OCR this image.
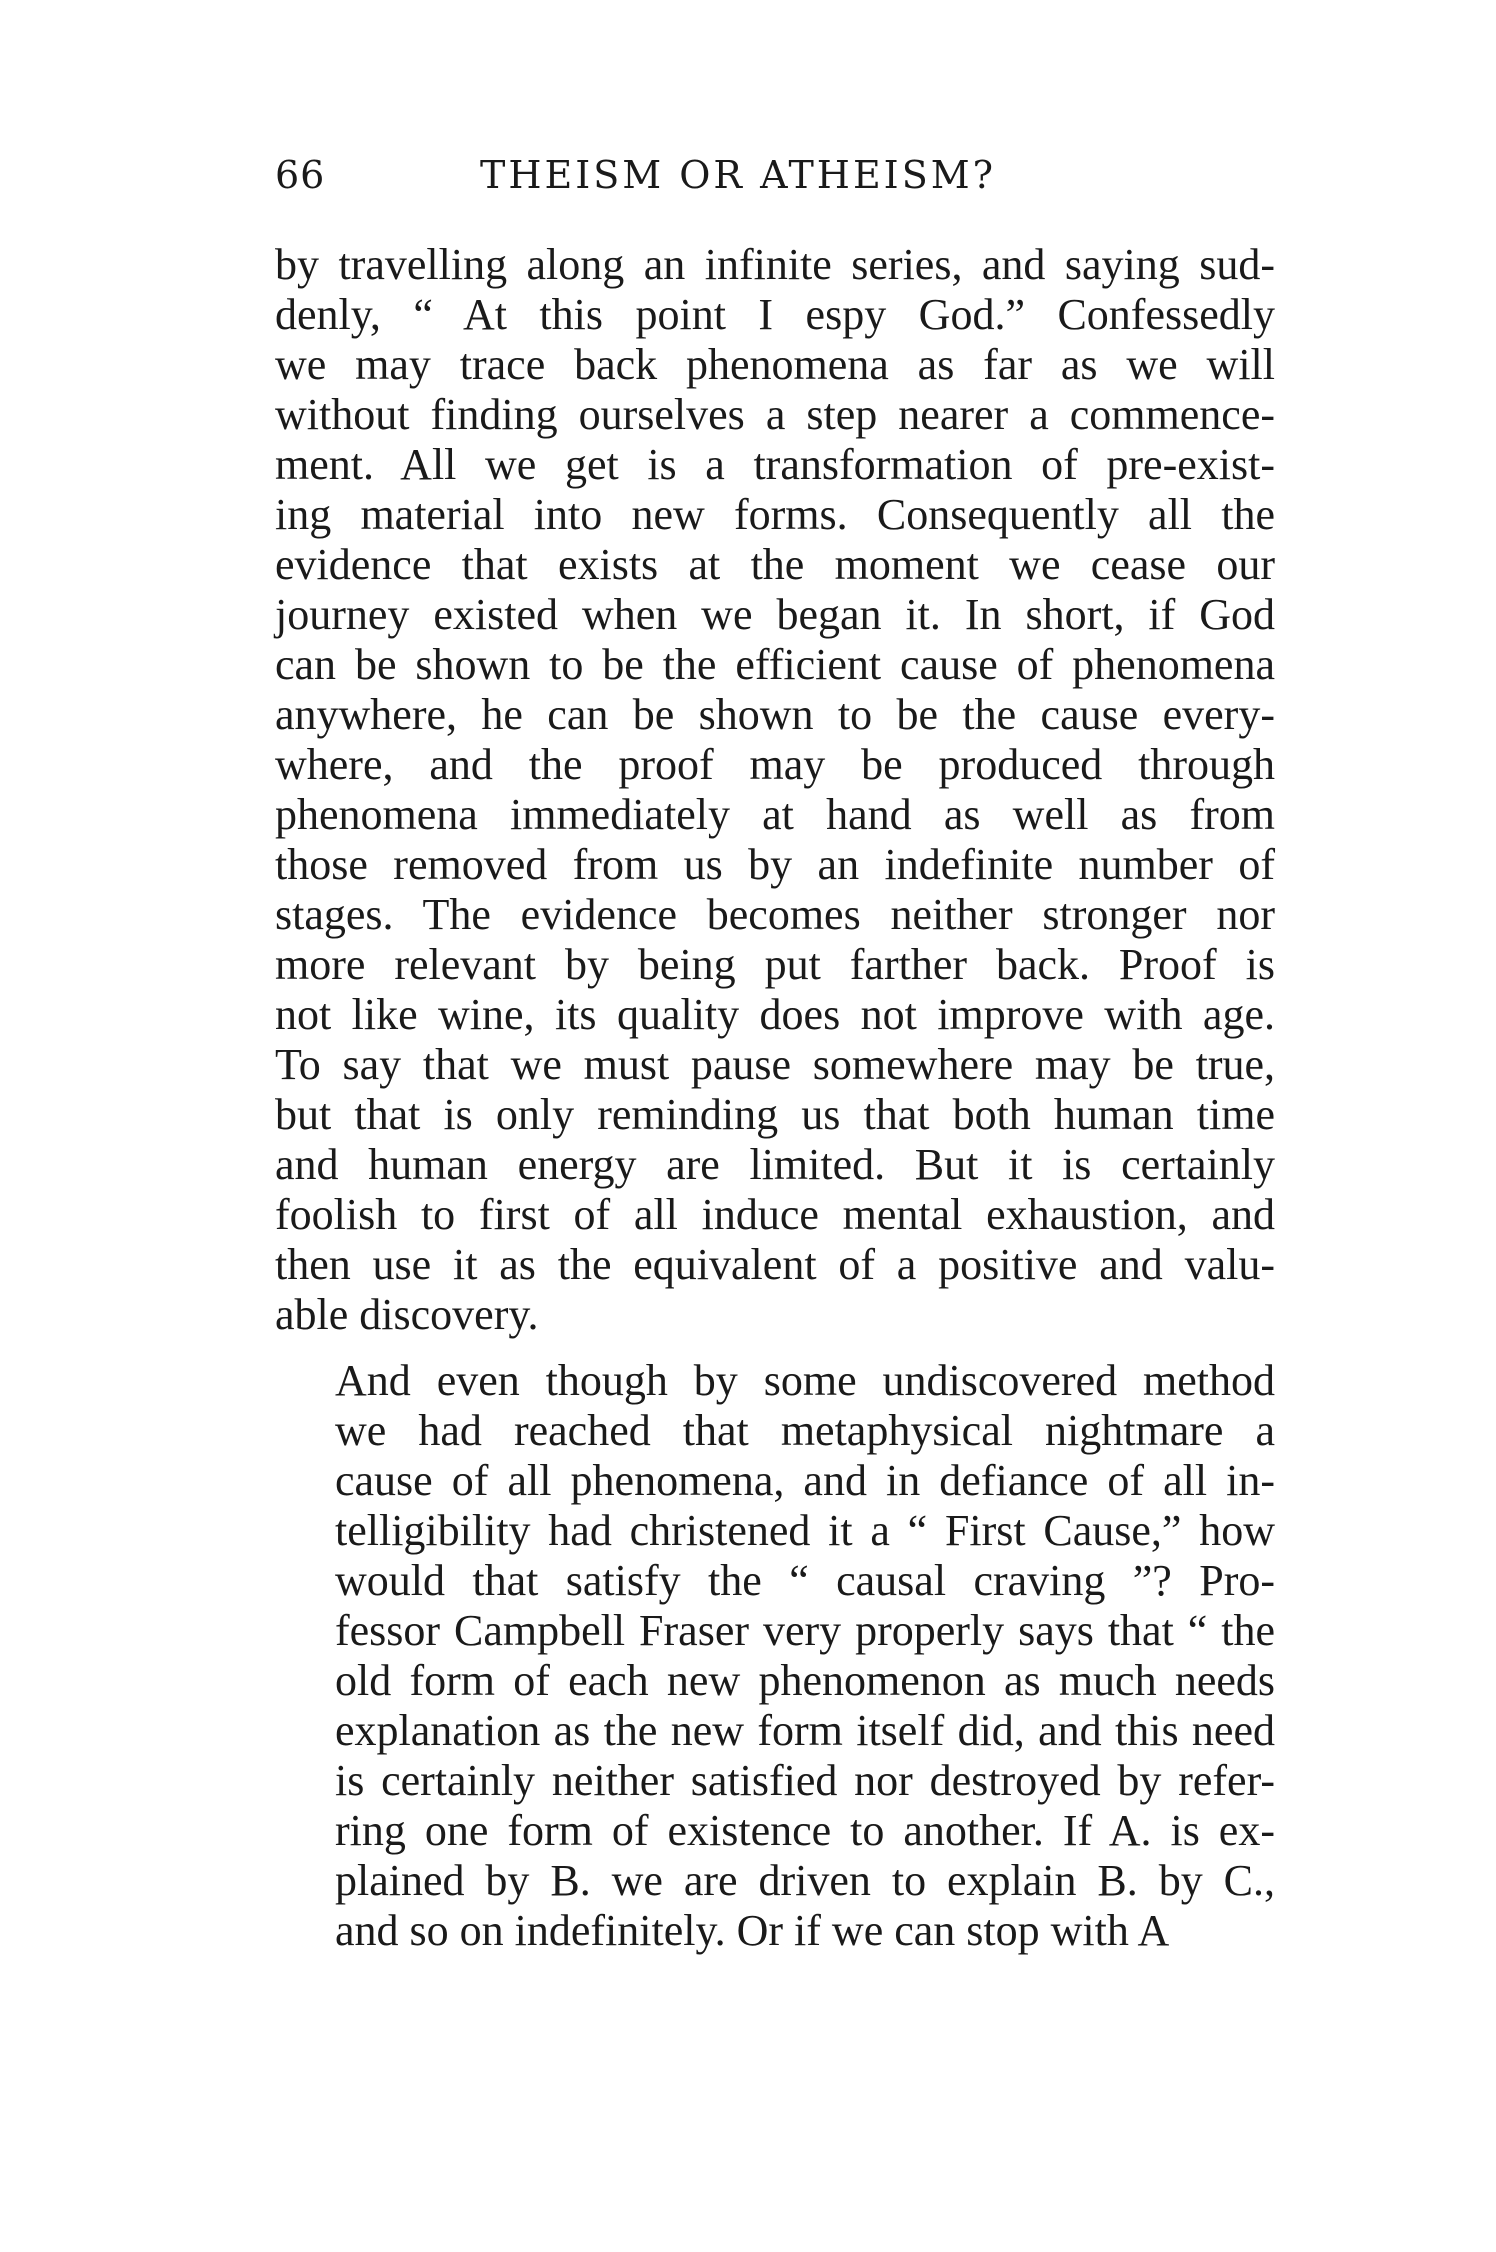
66	THEISM OR ATHEISM?
by travelling along an infinite series, and saying sud-
denly, “ At this point I espy God.” Confessedly
we may trace back phenomena as far as we will
without finding ourselves a step nearer a commence-
ment. All we get is a transformation of pre-exist-
ing material into new forms. Consequently all the
evidence that exists at the moment we cease our
journey existed when we began it. In short, if God
can be shown to be the efficient cause of phenomena
anywhere, he can be shown to be the cause every-
where, and the proof may be produced through
phenomena immediately at hand as well as from
those removed from us by an indefinite number of
stages. The evidence becomes neither stronger nor
more relevant by being put farther back. Proof is
not like wine, its quality does not improve with age.
To say that we must pause somewhere may be true,
but that is only reminding us that both human time
and human energy are limited. But it is certainly
foolish to first of all induce mental exhaustion, and
then use it as the equivalent of a positive and valu-
able discovery.
And even though by some undiscovered method
we had reached that metaphysical nightmare a
cause of all phenomena, and in defiance of all in-
telligibility had christened it a “ First Cause,” how
would that satisfy the “ causal craving ”? Pro-
fessor Campbell Fraser very properly says that “ the
old form of each new phenomenon as much needs
explanation as the new form itself did, and this need
is certainly neither satisfied nor destroyed by refer-
ring one form of existence to another. If A. is ex-
plained by B. we are driven to explain B. by C.,
and so on indefinitely. Or if we can stop with A
